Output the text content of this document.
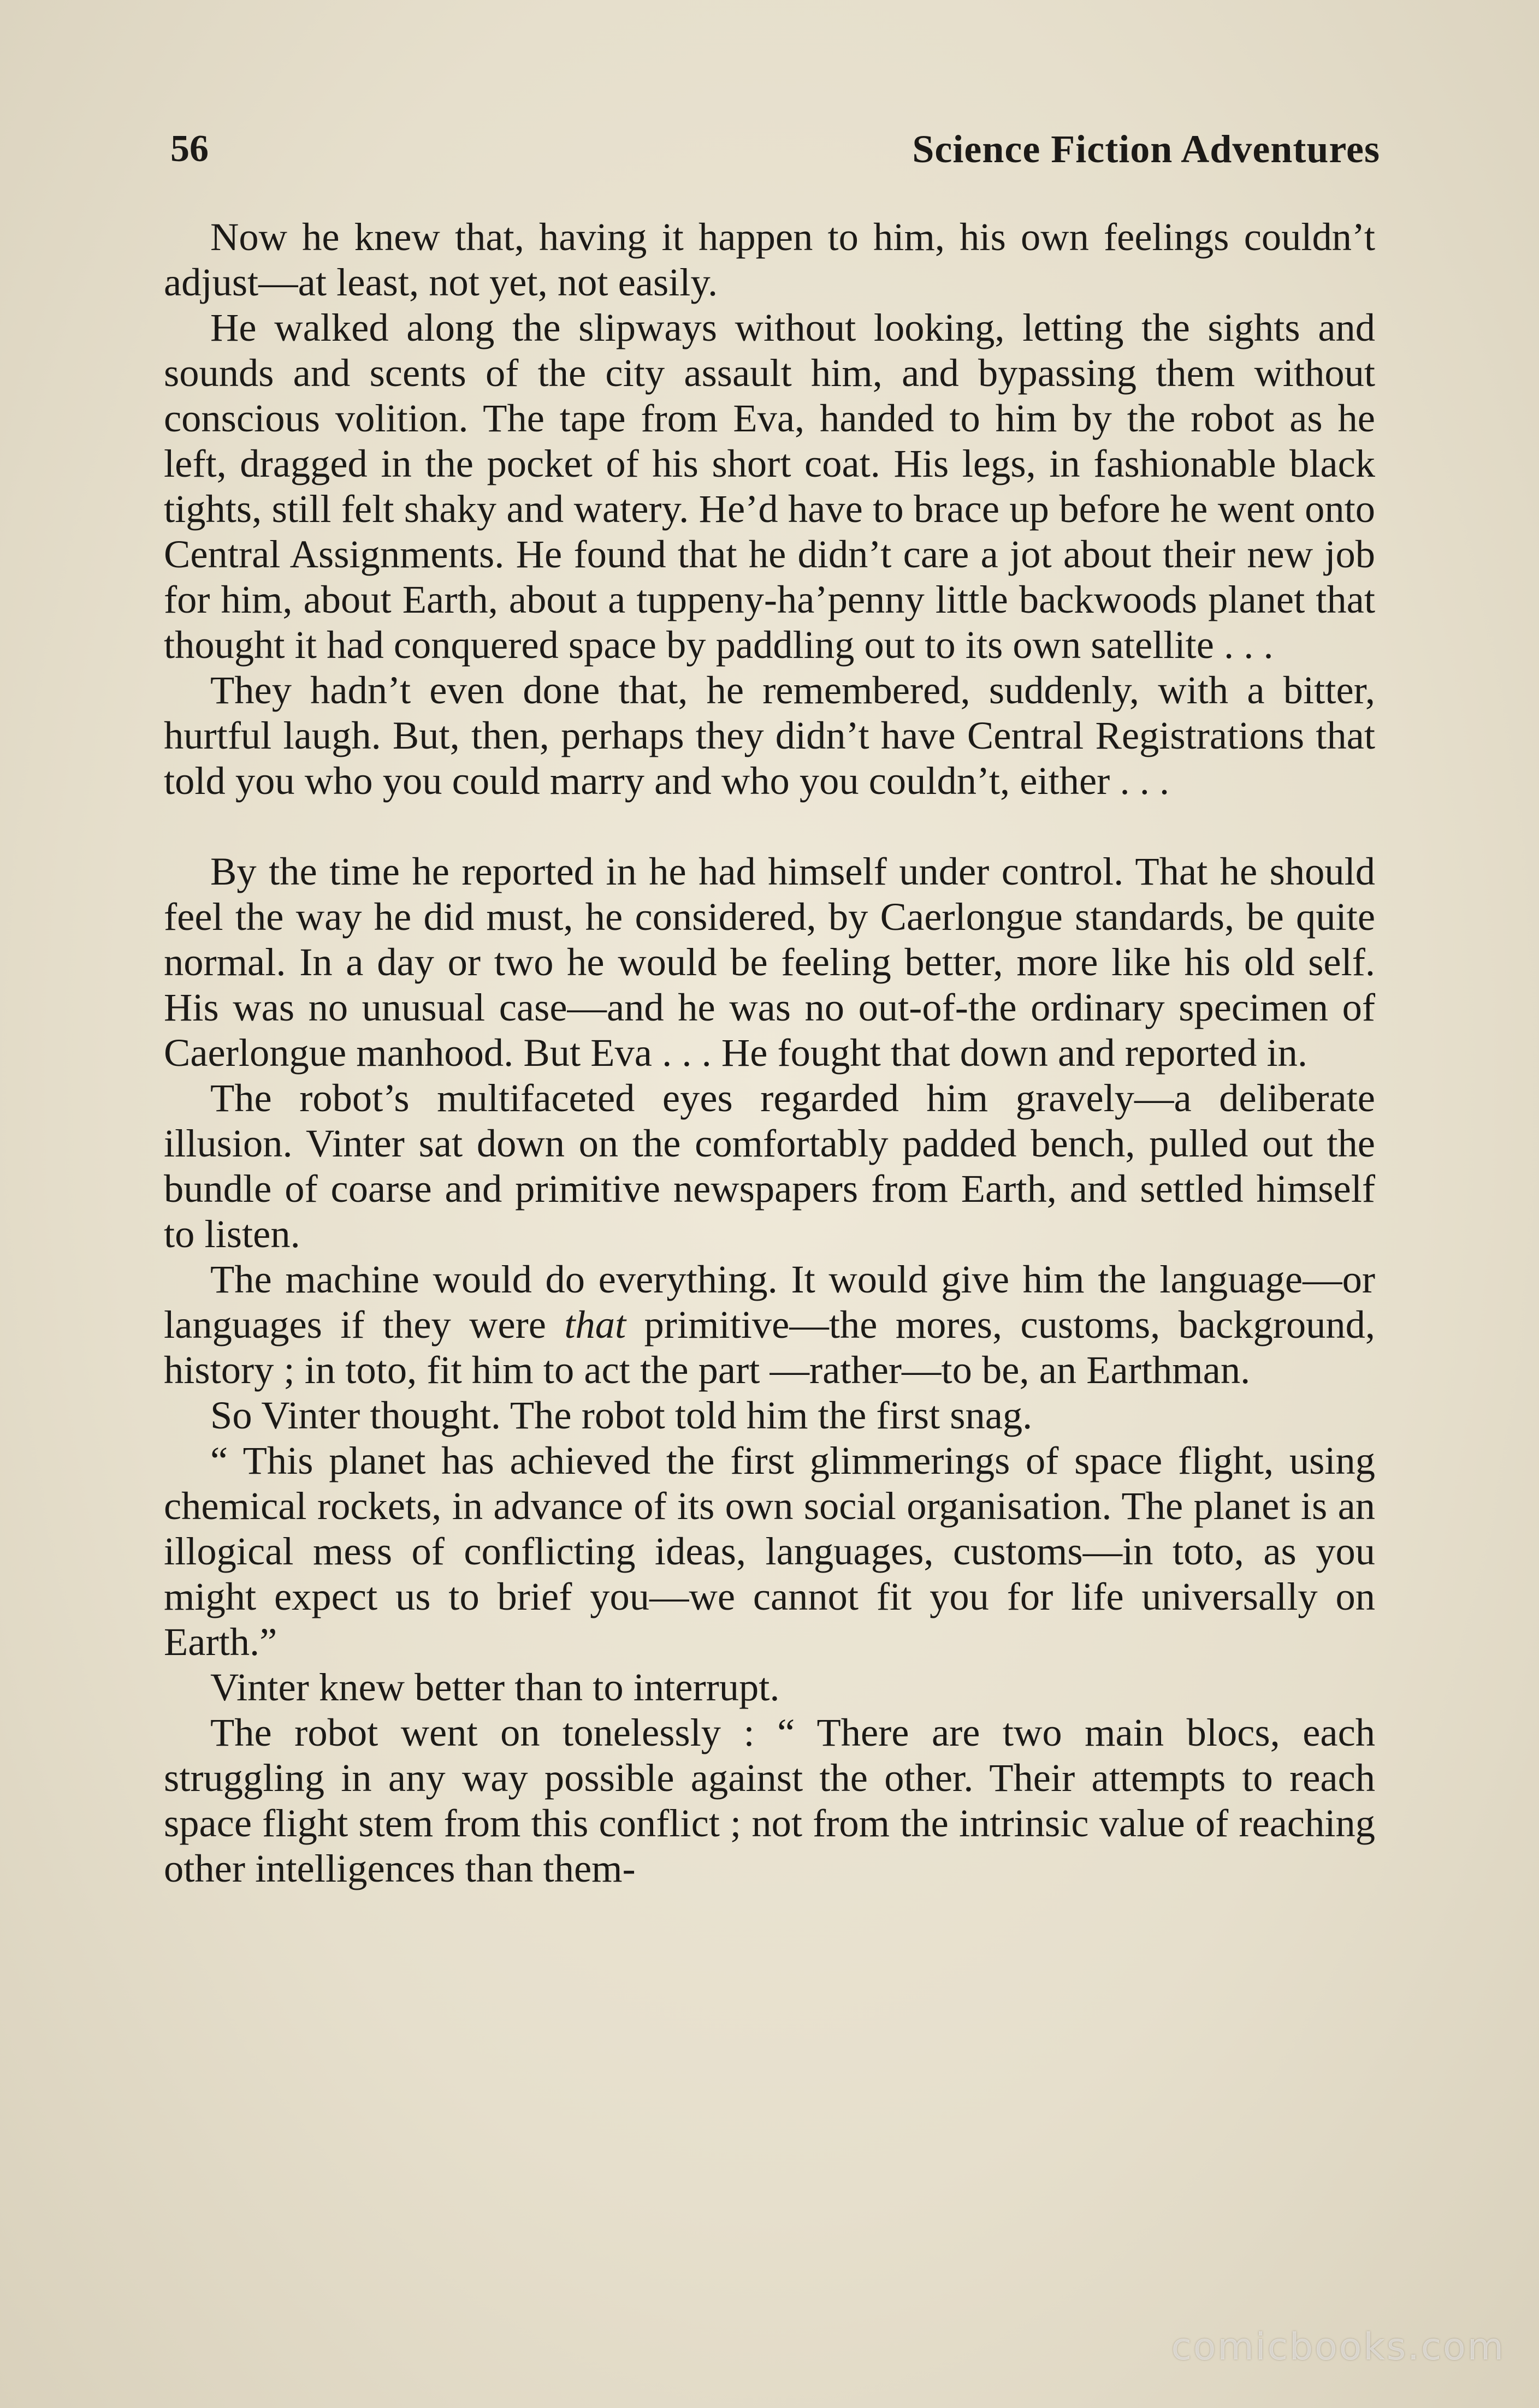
56	Science Fiction Adventures

Now he knew that, having it happen to him, his own feelings couldn’t adjust—at least, not yet, not easily.

He walked along the slipways without looking, letting the sights and sounds and scents of the city assault him, and bypassing them without conscious volition. The tape from Eva, handed to him by the robot as he left, dragged in the pocket of his short coat. His legs, in fashionable black tights, still felt shaky and watery. He’d have to brace up before he went onto Central Assignments. He found that he didn’t care a jot about their new job for him, about Earth, about a tuppeny-ha’penny little backwoods planet that thought it had conquered space by paddling out to its own satellite . . .

They hadn’t even done that, he remembered, suddenly, with a bitter, hurtful laugh. But, then, perhaps they didn’t have Central Registrations that told you who you could marry and who you couldn’t, either . . .

By the time he reported in he had himself under control. That he should feel the way he did must, he considered, by Caerlongue standards, be quite normal. In a day or two he would be feeling better, more like his old self. His was no unusual case—and he was no out-of-the ordinary specimen of Caerlongue manhood. But Eva . . . He fought that down and reported in.

The robot’s multifaceted eyes regarded him gravely—a deliberate illusion. Vinter sat down on the comfortably padded bench, pulled out the bundle of coarse and primitive newspapers from Earth, and settled himself to listen.

The machine would do everything. It would give him the language—or languages if they were that primitive—the mores, customs, background, history ; in toto, fit him to act the part —rather—to be, an Earthman.

So Vinter thought. The robot told him the first snag.

“ This planet has achieved the first glimmerings of space flight, using chemical rockets, in advance of its own social organisation. The planet is an illogical mess of conflicting ideas, languages, customs—in toto, as you might expect us to brief you—we cannot fit you for life universally on Earth.”

Vinter knew better than to interrupt.

The robot went on tonelessly : “ There are two main blocs, each struggling in any way possible against the other. Their attempts to reach space flight stem from this conflict ; not from the intrinsic value of reaching other intelligences than them-

comicbooks.com
